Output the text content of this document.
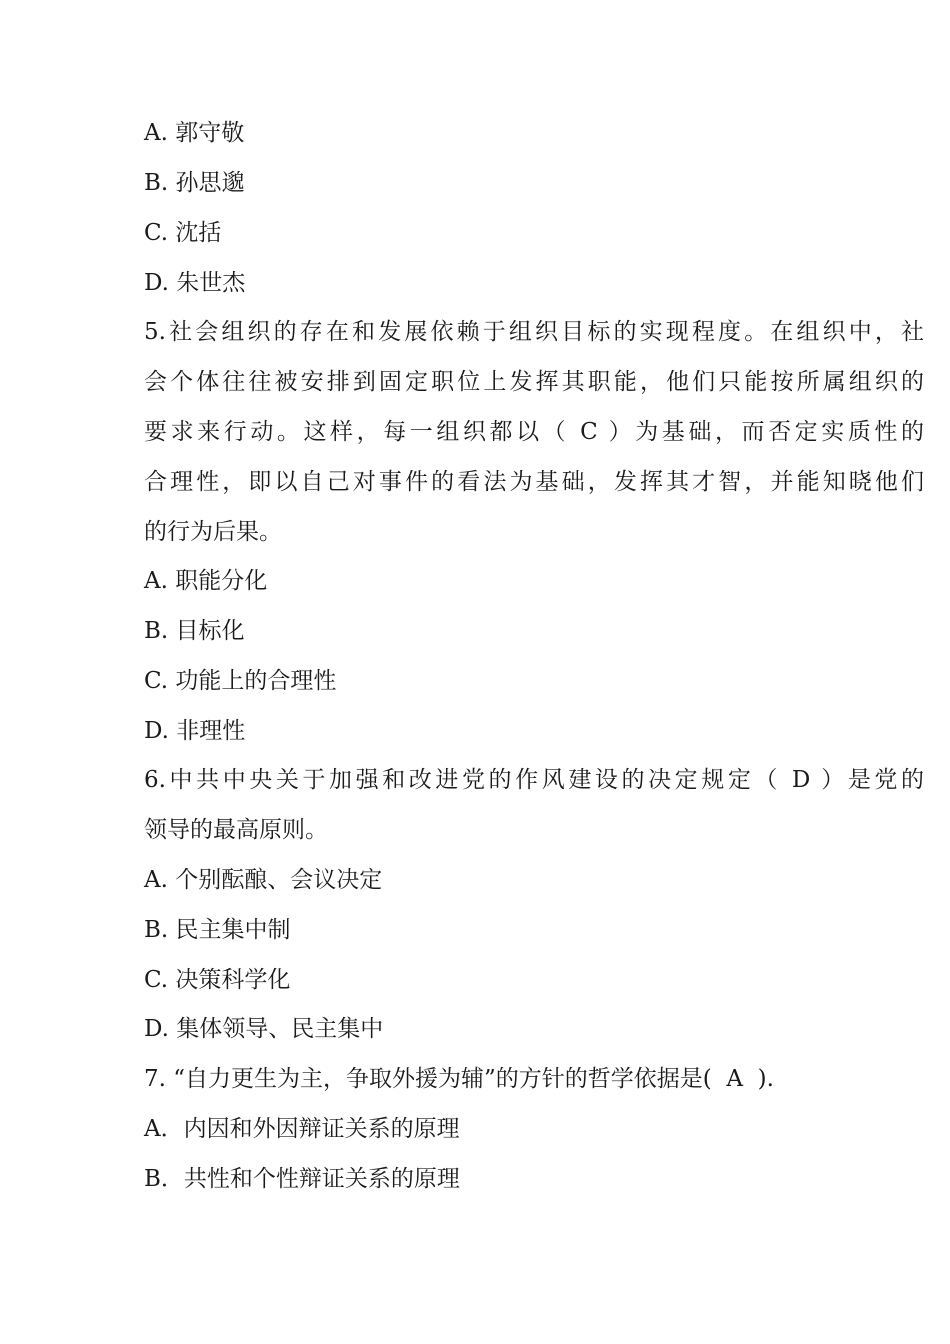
A. 郭守敬
B. 孙思邈
C. 沈括
D. 朱世杰
5.社会组织的存在和发展依赖于组织目标的实现程度。在组织中，社
会个体往往被安排到固定职位上发挥其职能，他们只能按所属组织的
要求来行动。这样，每一组织都以（ C ）为基础，而否定实质性的
合理性，即以自己对事件的看法为基础，发挥其才智，并能知晓他们
的行为后果。
A. 职能分化
B. 目标化
C. 功能上的合理性
D. 非理性
6.中共中央关于加强和改进党的作风建设的决定规定（ D ）是党的
领导的最高原则。
A. 个别酝酿、会议决定
B. 民主集中制
C. 决策科学化
D. 集体领导、民主集中
7. “自力更生为主，争取外援为辅”的方针的哲学依据是(  A  ).
A．内因和外因辩证关系的原理
B．共性和个性辩证关系的原理
